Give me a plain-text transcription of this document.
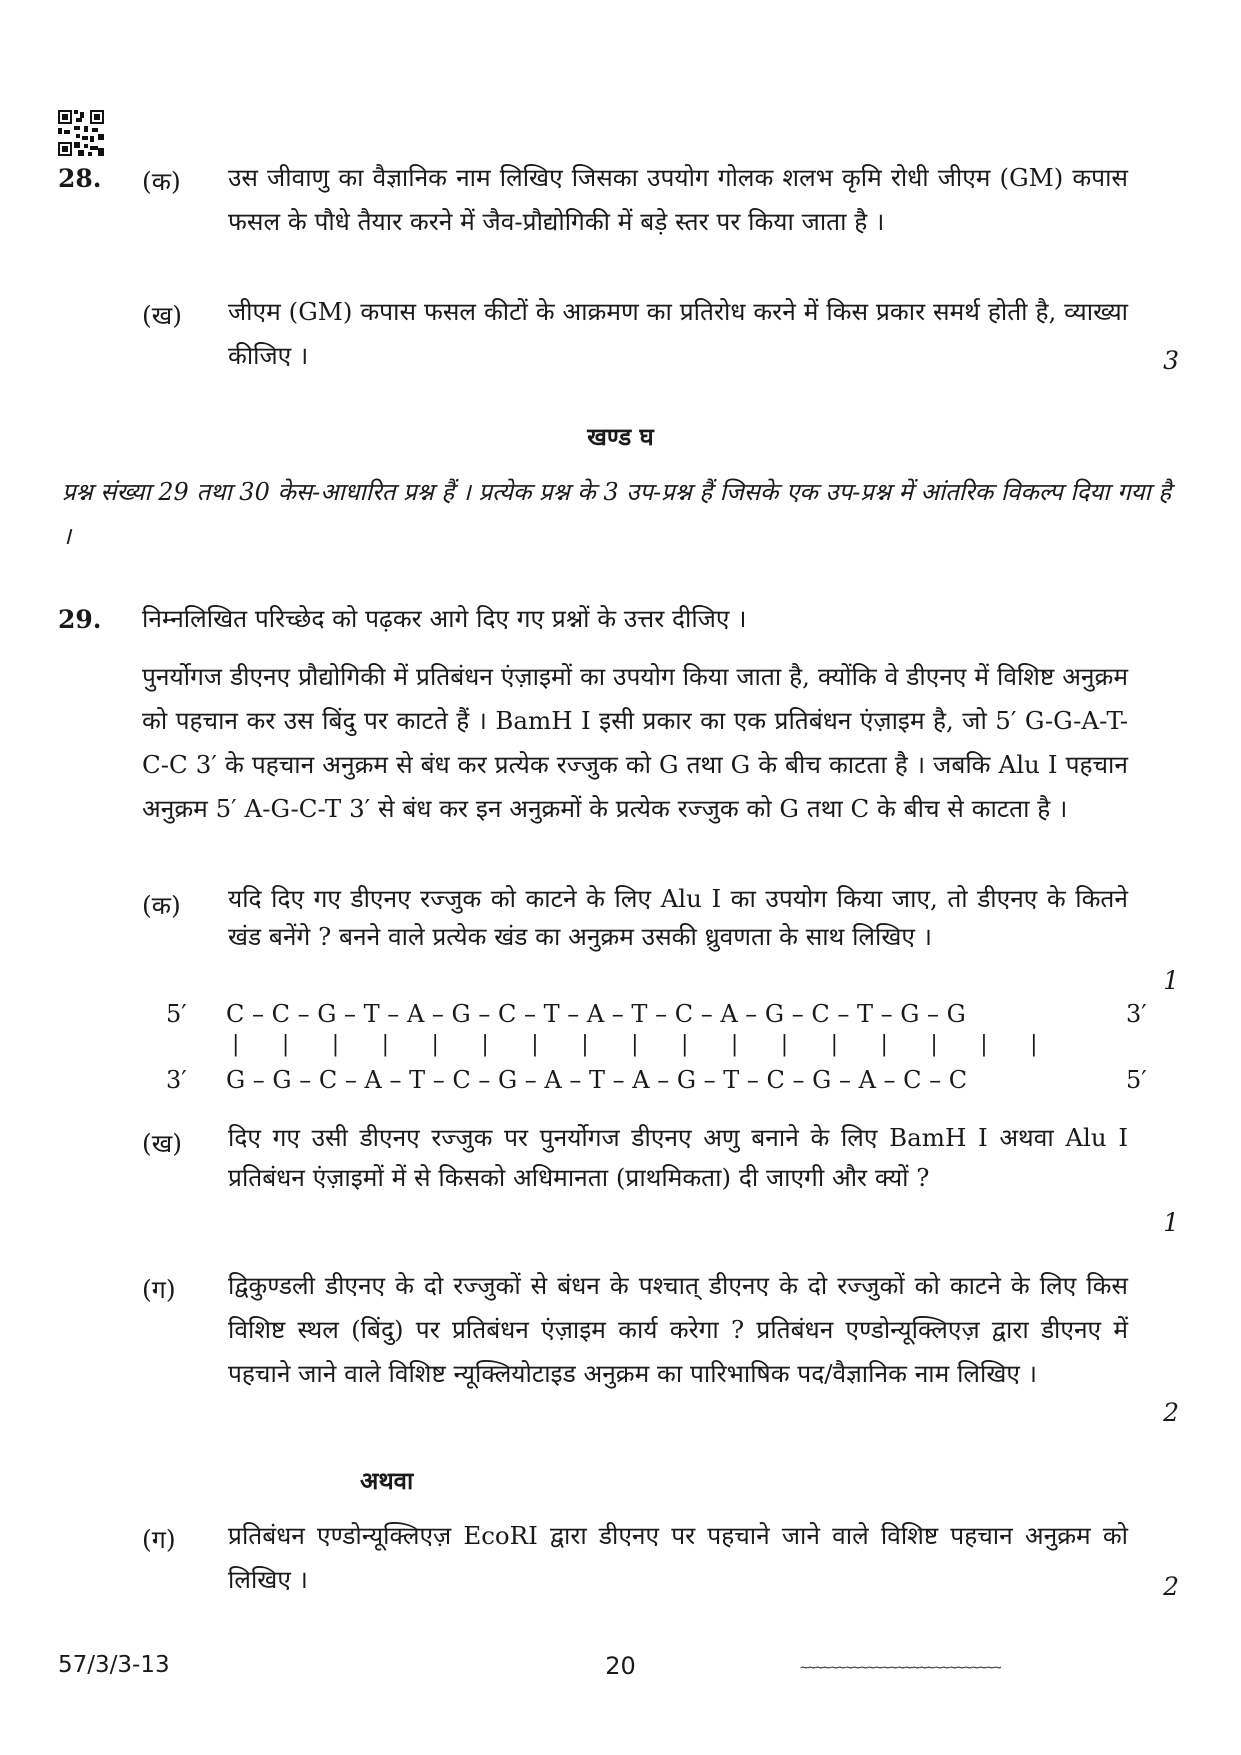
28. (क) उस जीवाणु का वैज्ञानिक नाम लिखिए जिसका उपयोग गोलक शलभ कृमि रोधी जीएम (GM) कपास फसल के पौधे तैयार करने में जैव-प्रौद्योगिकी में बड़े स्तर पर किया जाता है ।
(ख) जीएम (GM) कपास फसल कीटों के आक्रमण का प्रतिरोध करने में किस प्रकार समर्थ होती है, व्याख्या कीजिए ।	3
खण्ड घ
प्रश्न संख्या 29 तथा 30 केस-आधारित प्रश्न हैं । प्रत्येक प्रश्न के 3 उप-प्रश्न हैं जिसके एक उप-प्रश्न में आंतरिक विकल्प दिया गया है ।
29. निम्नलिखित परिच्छेद को पढ़कर आगे दिए गए प्रश्नों के उत्तर दीजिए ।
पुनर्योगज डीएनए प्रौद्योगिकी में प्रतिबंधन एंज़ाइमों का उपयोग किया जाता है, क्योंकि वे डीएनए में विशिष्ट अनुक्रम को पहचान कर उस बिंदु पर काटते हैं । BamH I इसी प्रकार का एक प्रतिबंधन एंज़ाइम है, जो 5′ G-G-A-T-C-C 3′ के पहचान अनुक्रम से बंध कर प्रत्येक रज्जुक को G तथा G के बीच काटता है । जबकि Alu I पहचान अनुक्रम 5′ A-G-C-T 3′ से बंध कर इन अनुक्रमों के प्रत्येक रज्जुक को G तथा C के बीच से काटता है ।
(क) यदि दिए गए डीएनए रज्जुक को काटने के लिए Alu I का उपयोग किया जाए, तो डीएनए के कितने खंड बनेंगे ? बनने वाले प्रत्येक खंड का अनुक्रम उसकी ध्रुवणता के साथ लिखिए ।
1
5′ C – C – G – T – A – G – C – T – A – T – C – A – G – C – T – G – G	3′
|    |    |    |    |    |    |    |    |    |    |    |    |    |    |    |    |
3′ G – G – C – A – T – C – G – A – T – A – G – T – C – G – A – C – C	5′
(ख) दिए गए उसी डीएनए रज्जुक पर पुनर्योगज डीएनए अणु बनाने के लिए BamH I अथवा Alu I प्रतिबंधन एंज़ाइमों में से किसको अधिमानता (प्राथमिकता) दी जाएगी और क्यों ?
1
(ग) द्विकुण्डली डीएनए के दो रज्जुकों से बंधन के पश्चात् डीएनए के दो रज्जुकों को काटने के लिए किस विशिष्ट स्थल (बिंदु) पर प्रतिबंधन एंज़ाइम कार्य करेगा ? प्रतिबंधन एण्डोन्यूक्लिएज़ द्वारा डीएनए में पहचाने जाने वाले विशिष्ट न्यूक्लियोटाइड अनुक्रम का पारिभाषिक पद/वैज्ञानिक नाम लिखिए ।
2
अथवा
(ग) प्रतिबंधन एण्डोन्यूक्लिएज़ EcoRI द्वारा डीएनए पर पहचाने जाने वाले विशिष्ट पहचान अनुक्रम को लिखिए ।	2
57/3/3-13	20	~~~~~~~~~~~~~~~~~~~~~~~~~~~
